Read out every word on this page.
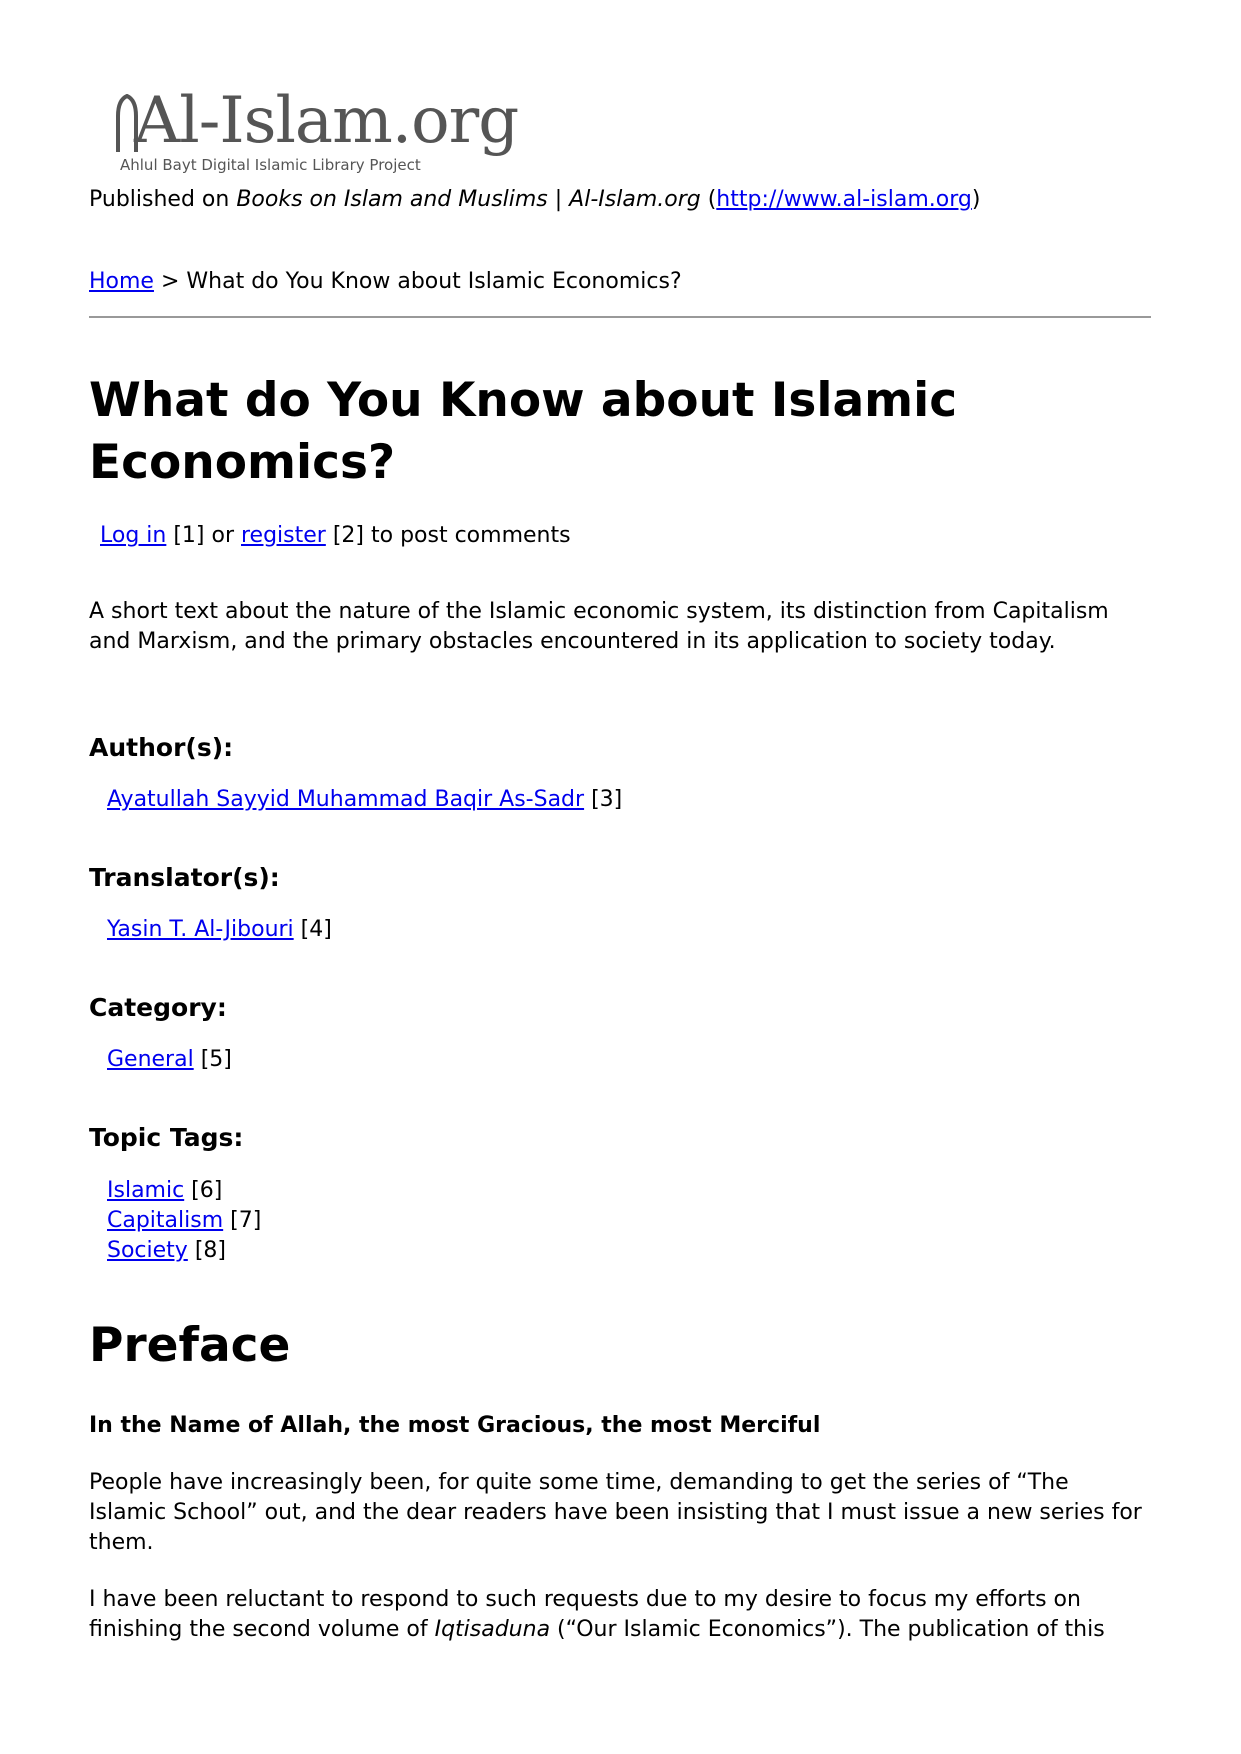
Al-Islam.org
Ahlul Bayt Digital Islamic Library Project
Published on Books on Islam and Muslims | Al-Islam.org (http://www.al-islam.org)
Home > What do You Know about Islamic Economics?
What do You Know about Islamic Economics?
Log in [1] or register [2] to post comments

A short text about the nature of the Islamic economic system, its distinction from Capitalism and Marxism, and the primary obstacles encountered in its application to society today.

Author(s):
Ayatullah Sayyid Muhammad Baqir As-Sadr [3]
Translator(s):
Yasin T. Al-Jibouri [4]
Category:
General [5]
Topic Tags:
Islamic [6]
Capitalism [7]
Society [8]
Preface

In the Name of Allah, the most Gracious, the most Merciful

People have increasingly been, for quite some time, demanding to get the series of “The Islamic School” out, and the dear readers have been insisting that I must issue a new series for them.

I have been reluctant to respond to such requests due to my desire to focus my efforts on finishing the second volume of Iqtisaduna (“Our Islamic Economics”). The publication of this
